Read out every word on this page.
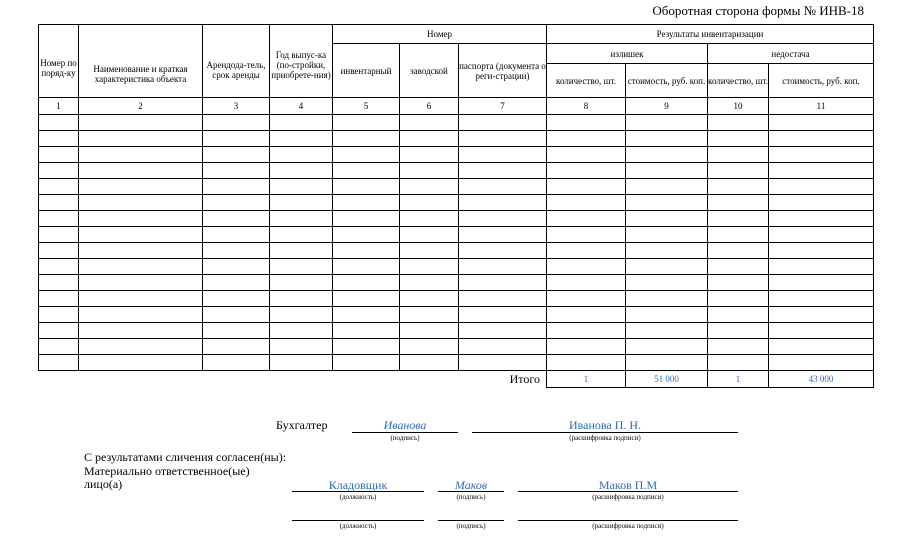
Оборотная сторона формы № ИНВ-18
Номер по поряд-ку	Наименование и краткая характеристика объекта	Арендода-тель, срок аренды	Год выпус-ка (по-стройки, приобрете-ния)	Номер			Результаты инвентаризации			
				инвентарный	заводской	паспорта (документа о реги-страции)	излишек		недостача	
							количество, шт.	стоимость, руб. коп.	количество, шт.	стоимость, руб. коп.
1	2	3	4	5	6	7	8	9	10	11

Итого							1	51 000	1	43 000
Бухгалтер	Иванова
(подпись)
Иванова П. Н.
(расшифровка подписи)
С результатами сличения согласен(ны):
Материально ответственное(ые) лицо(а)	Кладовщик
(должность)
Маков
(подпись)
Маков П.М
(расшифровка подписи)
(должность)	(подпись)	(расшифровка подписи)
